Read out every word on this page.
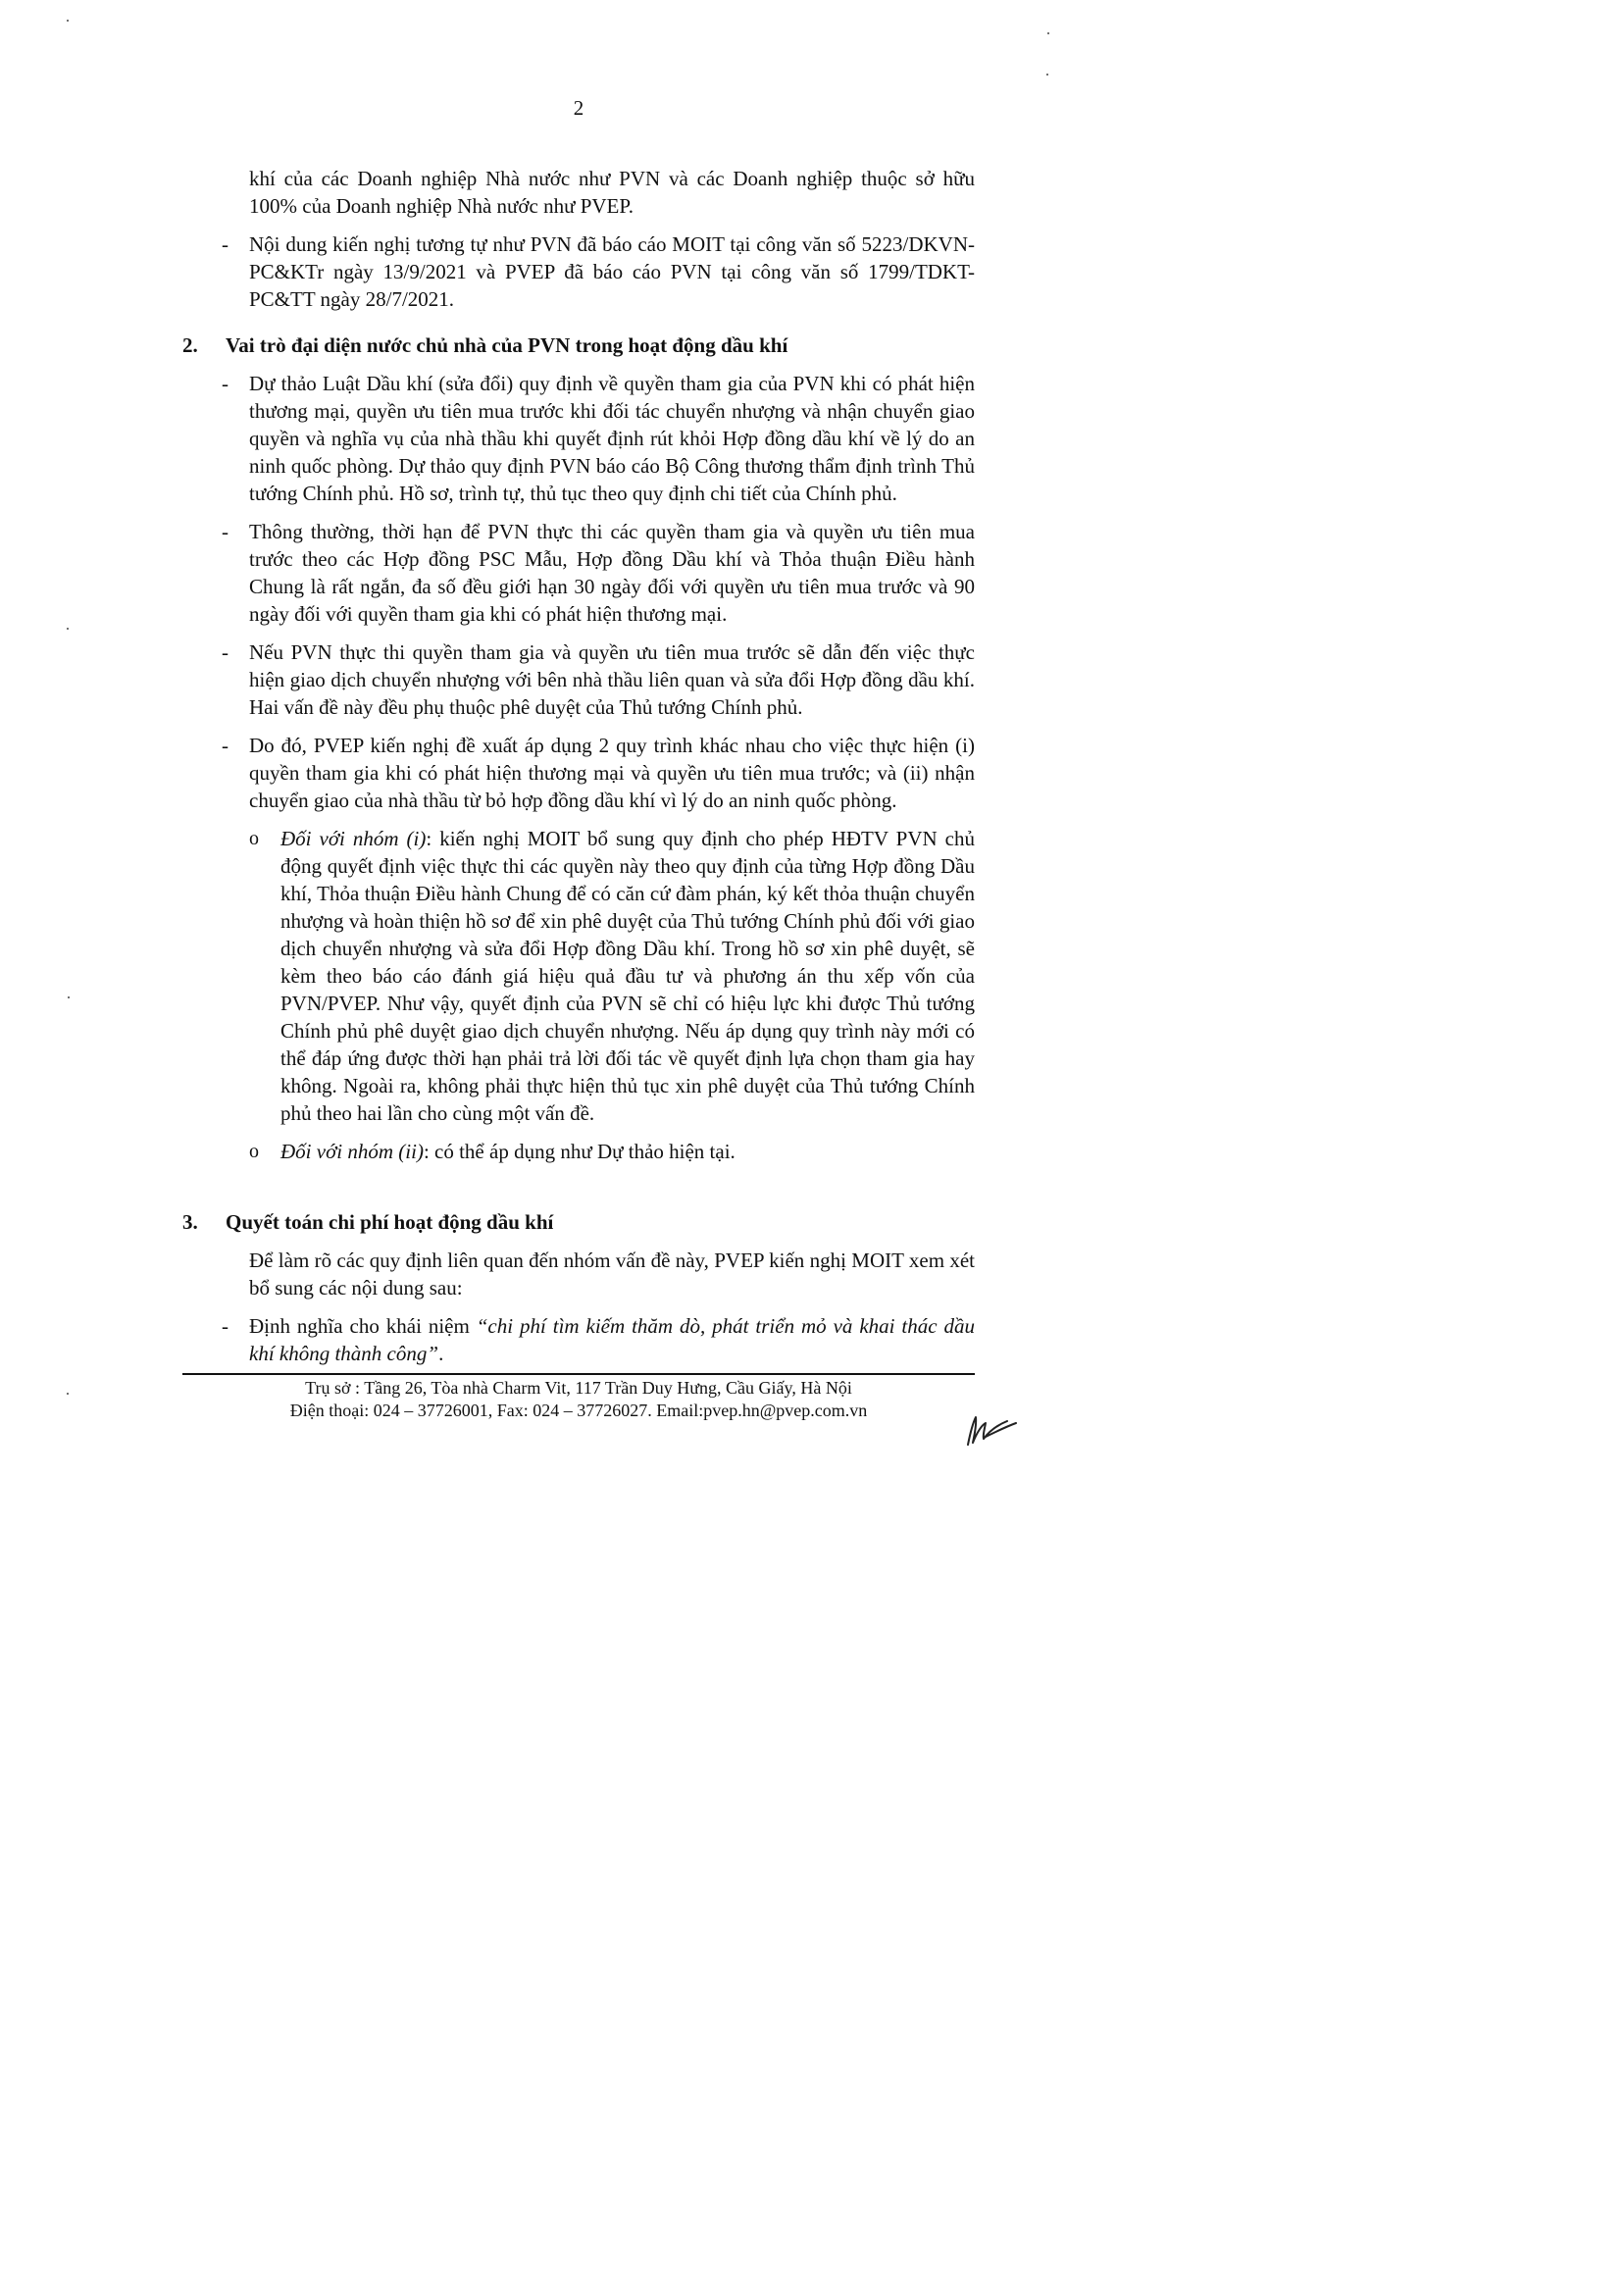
2

khí của các Doanh nghiệp Nhà nước như PVN và các Doanh nghiệp thuộc sở hữu 100% của Doanh nghiệp Nhà nước như PVEP.

- Nội dung kiến nghị tương tự như PVN đã báo cáo MOIT tại công văn số 5223/DKVN-PC&KTr ngày 13/9/2021 và PVEP đã báo cáo PVN tại công văn số 1799/TDKT-PC&TT ngày 28/7/2021.
2. Vai trò đại diện nước chủ nhà của PVN trong hoạt động dầu khí
- Dự thảo Luật Dầu khí (sửa đổi) quy định về quyền tham gia của PVN khi có phát hiện thương mại, quyền ưu tiên mua trước khi đối tác chuyển nhượng và nhận chuyển giao quyền và nghĩa vụ của nhà thầu khi quyết định rút khỏi Hợp đồng dầu khí về lý do an ninh quốc phòng. Dự thảo quy định PVN báo cáo Bộ Công thương thẩm định trình Thủ tướng Chính phủ. Hồ sơ, trình tự, thủ tục theo quy định chi tiết của Chính phủ.
- Thông thường, thời hạn để PVN thực thi các quyền tham gia và quyền ưu tiên mua trước theo các Hợp đồng PSC Mẫu, Hợp đồng Dầu khí và Thỏa thuận Điều hành Chung là rất ngắn, đa số đều giới hạn 30 ngày đối với quyền ưu tiên mua trước và 90 ngày đối với quyền tham gia khi có phát hiện thương mại.
- Nếu PVN thực thi quyền tham gia và quyền ưu tiên mua trước sẽ dẫn đến việc thực hiện giao dịch chuyển nhượng với bên nhà thầu liên quan và sửa đổi Hợp đồng dầu khí. Hai vấn đề này đều phụ thuộc phê duyệt của Thủ tướng Chính phủ.
- Do đó, PVEP kiến nghị đề xuất áp dụng 2 quy trình khác nhau cho việc thực hiện (i) quyền tham gia khi có phát hiện thương mại và quyền ưu tiên mua trước; và (ii) nhận chuyển giao của nhà thầu từ bỏ hợp đồng dầu khí vì lý do an ninh quốc phòng.
o Đối với nhóm (i): kiến nghị MOIT bổ sung quy định cho phép HĐTV PVN chủ động quyết định việc thực thi các quyền này theo quy định của từng Hợp đồng Dầu khí, Thỏa thuận Điều hành Chung để có căn cứ đàm phán, ký kết thỏa thuận chuyển nhượng và hoàn thiện hồ sơ để xin phê duyệt của Thủ tướng Chính phủ đối với giao dịch chuyển nhượng và sửa đổi Hợp đồng Dầu khí. Trong hồ sơ xin phê duyệt, sẽ kèm theo báo cáo đánh giá hiệu quả đầu tư và phương án thu xếp vốn của PVN/PVEP. Như vậy, quyết định của PVN sẽ chỉ có hiệu lực khi được Thủ tướng Chính phủ phê duyệt giao dịch chuyển nhượng. Nếu áp dụng quy trình này mới có thể đáp ứng được thời hạn phải trả lời đối tác về quyết định lựa chọn tham gia hay không. Ngoài ra, không phải thực hiện thủ tục xin phê duyệt của Thủ tướng Chính phủ theo hai lần cho cùng một vấn đề.
o Đối với nhóm (ii): có thể áp dụng như Dự thảo hiện tại.
3. Quyết toán chi phí hoạt động dầu khí

Để làm rõ các quy định liên quan đến nhóm vấn đề này, PVEP kiến nghị MOIT xem xét bổ sung các nội dung sau:

- Định nghĩa cho khái niệm “chi phí tìm kiếm thăm dò, phát triển mỏ và khai thác dầu khí không thành công”.
Trụ sở : Tầng 26, Tòa nhà Charm Vit, 117 Trần Duy Hưng, Cầu Giấy, Hà Nội
Điện thoại: 024 – 37726001, Fax: 024 – 37726027. Email:pvep.hn@pvep.com.vn
